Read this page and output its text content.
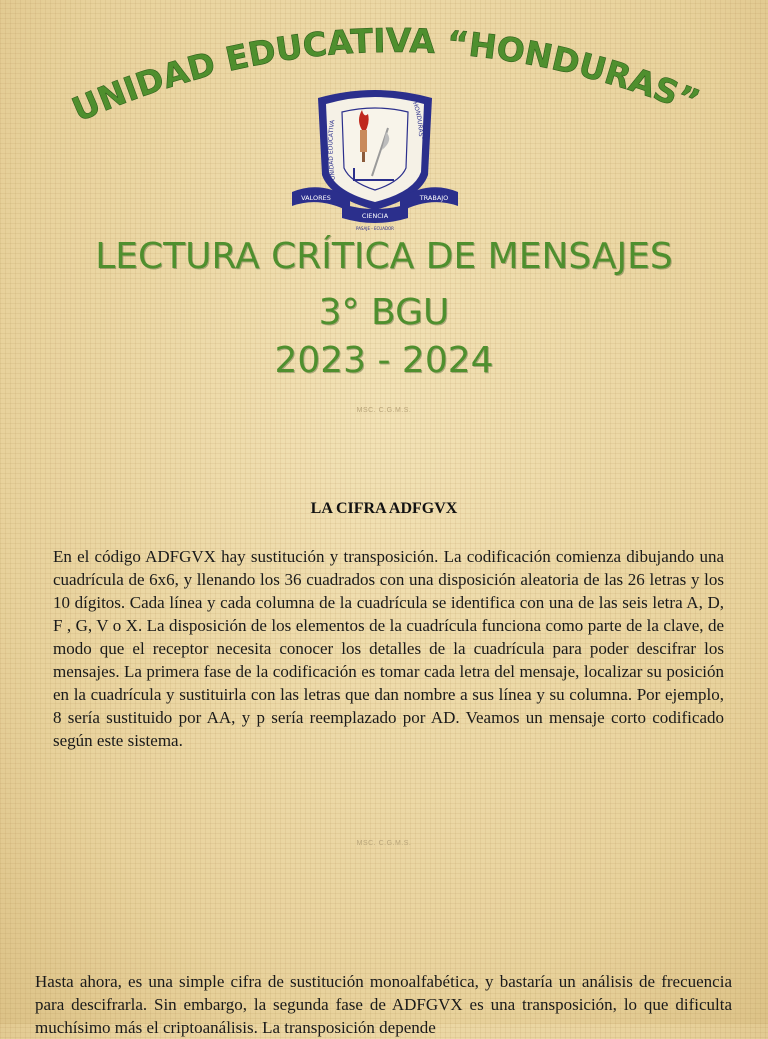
UNIDAD EDUCATIVA “HONDURAS”
UNIDAD EDUCATIVA
“HONDURAS”
VALORES
CIENCIA
TRABAJO
PASAJE - ECUADOR
LECTURA CRÍTICA DE MENSAJES
3° BGU
2023 - 2024
MSC. C.G.M.S.
LA CIFRA ADFGVX
En el código ADFGVX hay sustitución y transposición. La codificación comienza dibujando una cuadrícula de 6x6, y llenando los 36 cuadrados con una disposición aleatoria de las 26 letras y los 10 dígitos. Cada línea y cada columna de la cuadrícula se identifica con una de las seis letra A, D, F , G, V o X. La disposición de los elementos de la cuadrícula funciona como parte de la clave, de modo que el receptor necesita conocer los detalles de la cuadrícula para poder descifrar los mensajes. La primera fase de la codificación es tomar cada letra del mensaje, localizar su posición en la cuadrícula y sustituirla con las letras que dan nombre a sus línea y su columna. Por ejemplo, 8 sería sustituido por AA, y p sería reemplazado por AD. Veamos un mensaje corto codificado según este sistema.
MSC. C.G.M.S.
Hasta ahora, es una simple cifra de sustitución monoalfabética, y bastaría un análisis de frecuencia para descifrarla. Sin embargo, la segunda fase de ADFGVX es una transposición, lo que dificulta muchísimo más el criptoanálisis. La transposición depende
